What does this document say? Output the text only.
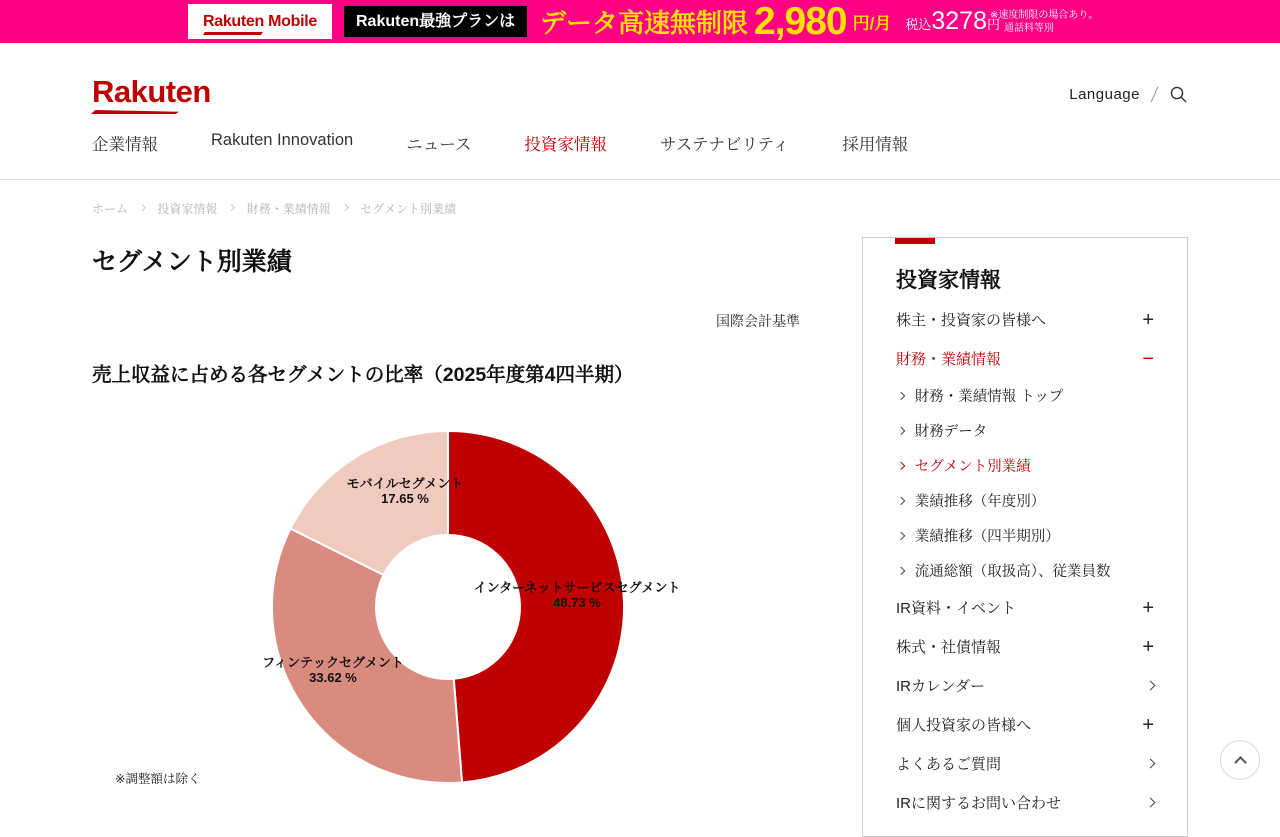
Rakuten Mobile	Rakuten最強プランは データ高速無制限 2,980 円/月 税込 3278 円
※速度制限の場合あり。
通話料等別
Rakuten	Language
企業情報	Rakuten Innovation	ニュース	投資家情報	サステナビリティ	採用情報
ホーム 投資家情報 財務・業績情報 セグメント別業績
セグメント別業績
国際会計基準
売上収益に占める各セグメントの比率（2025年度第4四半期）
※調整額は除く
インターネットサービスセグメント
48.73 %
フィンテックセグメント
33.62 %
モバイルセグメント
17.65 %
投資家情報
株主・投資家の皆様へ	+
財務・業績情報	−
財務・業績情報 トップ
財務データ
セグメント別業績
業績推移（年度別）
業績推移（四半期別）
流通総額（取扱高）、従業員数
IR資料・イベント	+
株式・社債情報	+
IRカレンダー
個人投資家の皆様へ	+
よくあるご質問
IRに関するお問い合わせ
